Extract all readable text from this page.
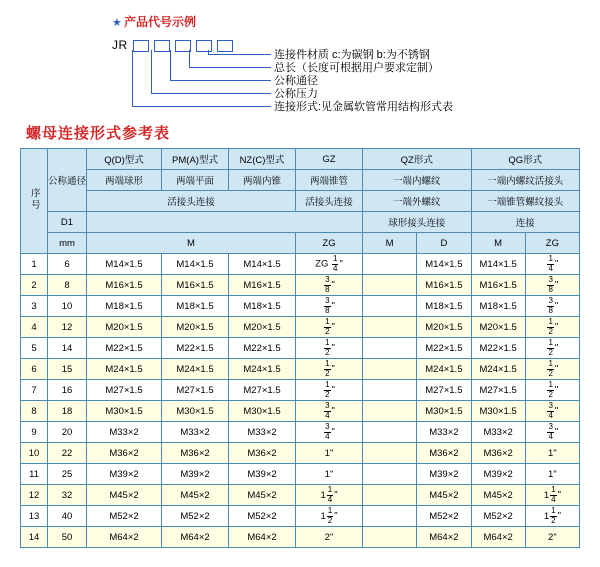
★ 产品代号示例
JR
连接件材质 c:为碳钢 b:为不锈钢
总长（长度可根据用户要求定制）
公称通径
公称压力
连接形式:见金属软管常用结构形式表
螺母连接形式参考表
序号	公称通径	Q(D)型式	PM(A)型式	NZ(C)型式	GZ	QZ形式		QG形式	
		两端球形	两端平面	两端内锥	两端锥管	一端内螺纹		一端内螺纹活接头	
		活接头连接			活接头连接	一端外螺纹		一端锥管螺纹接头	
	D1					球形接头连接		连接	
	mm	M			ZG	M	D	M	ZG
1	6	M14×1.5	M14×1.5	M14×1.5	ZG $\frac{1}{4}$ "		M14×1.5	M14×1.5	$\frac{1}{4}$ "
2	8	M16×1.5	M16×1.5	M16×1.5	$\frac{3}{8}$ "		M16×1.5	M16×1.5	$\frac{3}{8}$ "
3	10	M18×1.5	M18×1.5	M18×1.5	$\frac{3}{8}$ "		M18×1.5	M18×1.5	$\frac{3}{8}$ "
4	12	M20×1.5	M20×1.5	M20×1.5	$\frac{1}{2}$ "		M20×1.5	M20×1.5	$\frac{1}{2}$ "
5	14	M22×1.5	M22×1.5	M22×1.5	$\frac{1}{2}$ "		M22×1.5	M22×1.5	$\frac{1}{2}$ "
6	15	M24×1.5	M24×1.5	M24×1.5	$\frac{1}{2}$ "		M24×1.5	M24×1.5	$\frac{1}{2}$ "
7	16	M27×1.5	M27×1.5	M27×1.5	$\frac{1}{2}$ "		M27×1.5	M27×1.5	$\frac{1}{2}$ "
8	18	M30×1.5	M30×1.5	M30×1.5	$\frac{3}{4}$ "		M30×1.5	M30×1.5	$\frac{3}{4}$ "
9	20	M33×2	M33×2	M33×2	$\frac{3}{4}$ "		M33×2	M33×2	$\frac{3}{4}$ "
10	22	M36×2	M36×2	M36×2	1"		M36×2	M36×2	1"
11	25	M39×2	M39×2	M39×2	1"		M39×2	M39×2	1"
12	32	M45×2	M45×2	M45×2	$1 \frac{1}{4}$ "		M45×2	M45×2	$1 \frac{1}{4}$ "
13	40	M52×2	M52×2	M52×2	$1 \frac{1}{2}$ "		M52×2	M52×2	$1 \frac{1}{2}$ "
14	50	M64×2	M64×2	M64×2	2"		M64×2	M64×2	2"
